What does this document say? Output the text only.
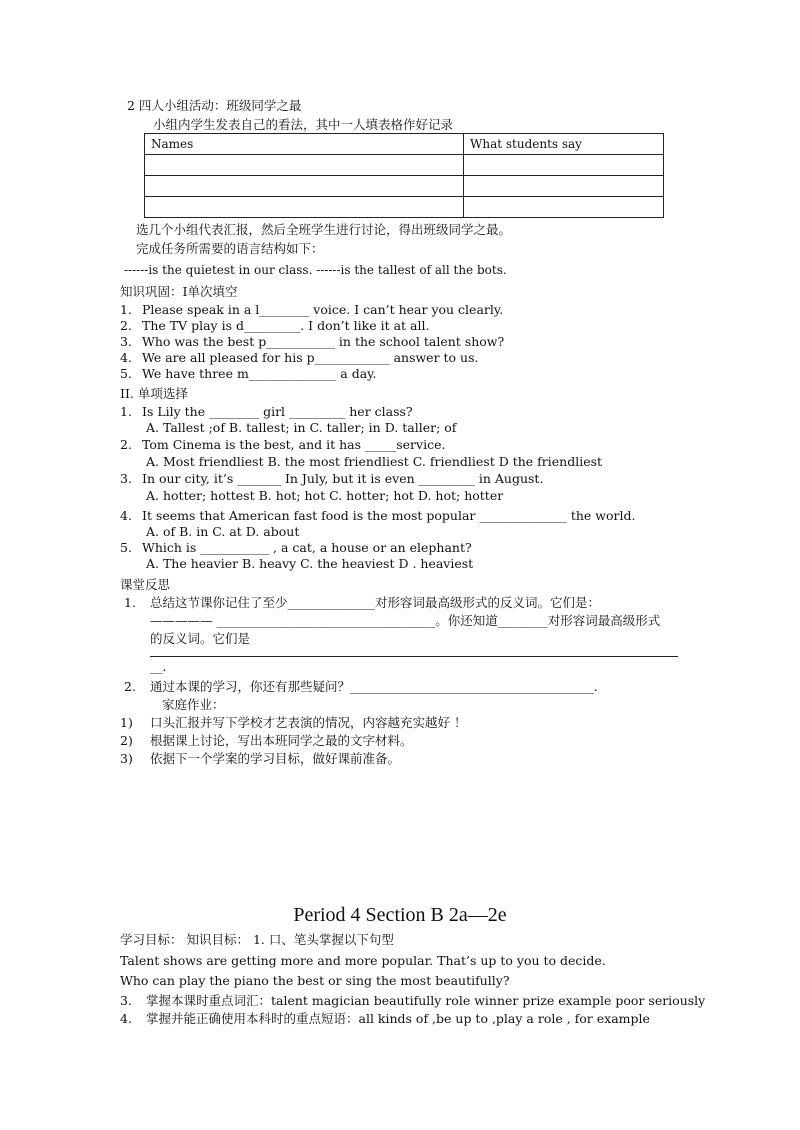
2 四人小组活动：班级同学之最
小组内学生发表自己的看法，其中一人填表格作好记录
Names	What students say

选几个小组代表汇报，然后全班学生进行讨论，得出班级同学之最。
完成任务所需要的语言结构如下：
------is the quietest in our class. ------is the tallest of all the bots.
知识巩固：I单次填空
1. Please speak in a l________ voice. I can’t hear you clearly.
2. The TV play is d_________. I don’t like it at all.
3. Who was the best p___________ in the school talent show?
4. We are all pleased for his p____________ answer to us.
5. We have three m______________ a day.
II. 单项选择
1. Is Lily the ________ girl _________ her class?
A. Tallest ;of B. tallest; in C. taller; in D. taller; of
2. Tom Cinema is the best, and it has _____service.
A. Most friendliest B. the most friendliest C. friendliest D the friendliest
3. In our city, it’s _______ In July, but it is even _________ in August.
A. hotter; hottest B. hot; hot C. hotter; hot D. hot; hotter
4. It seems that American fast food is the most popular ______________ the world.
A. of B. in C. at D. about
5. Which is ___________ , a cat, a house or an elephant?
A. The heavier B. heavy C. the heaviest D . heaviest
课堂反思
1. 总结这节课你记住了至少______________对形容词最高级形式的反义词。它们是：
————— ___________________________________。你还知道________对形容词最高级形式
的反义词。它们是
__.
2. 通过本课的学习，你还有那些疑问？_______________________________________.
家庭作业：
1) 口头汇报并写下学校才艺表演的情况，内容越充实越好 ！
2) 根据课上讨论，写出本班同学之最的文字材料。
3) 依据下一个学案的学习目标，做好课前准备。
Period 4 Section B 2a—2e
学习目标： 知识目标： 1. 口、笔头掌握以下句型
Talent shows are getting more and more popular. That’s up to you to decide.
Who can play the piano the best or sing the most beautifully?
3. 掌握本课时重点词汇：talent magician beautifully role winner prize example poor seriously
4. 掌握并能正确使用本科时的重点短语：all kinds of ,be up to ,play a role , for example
